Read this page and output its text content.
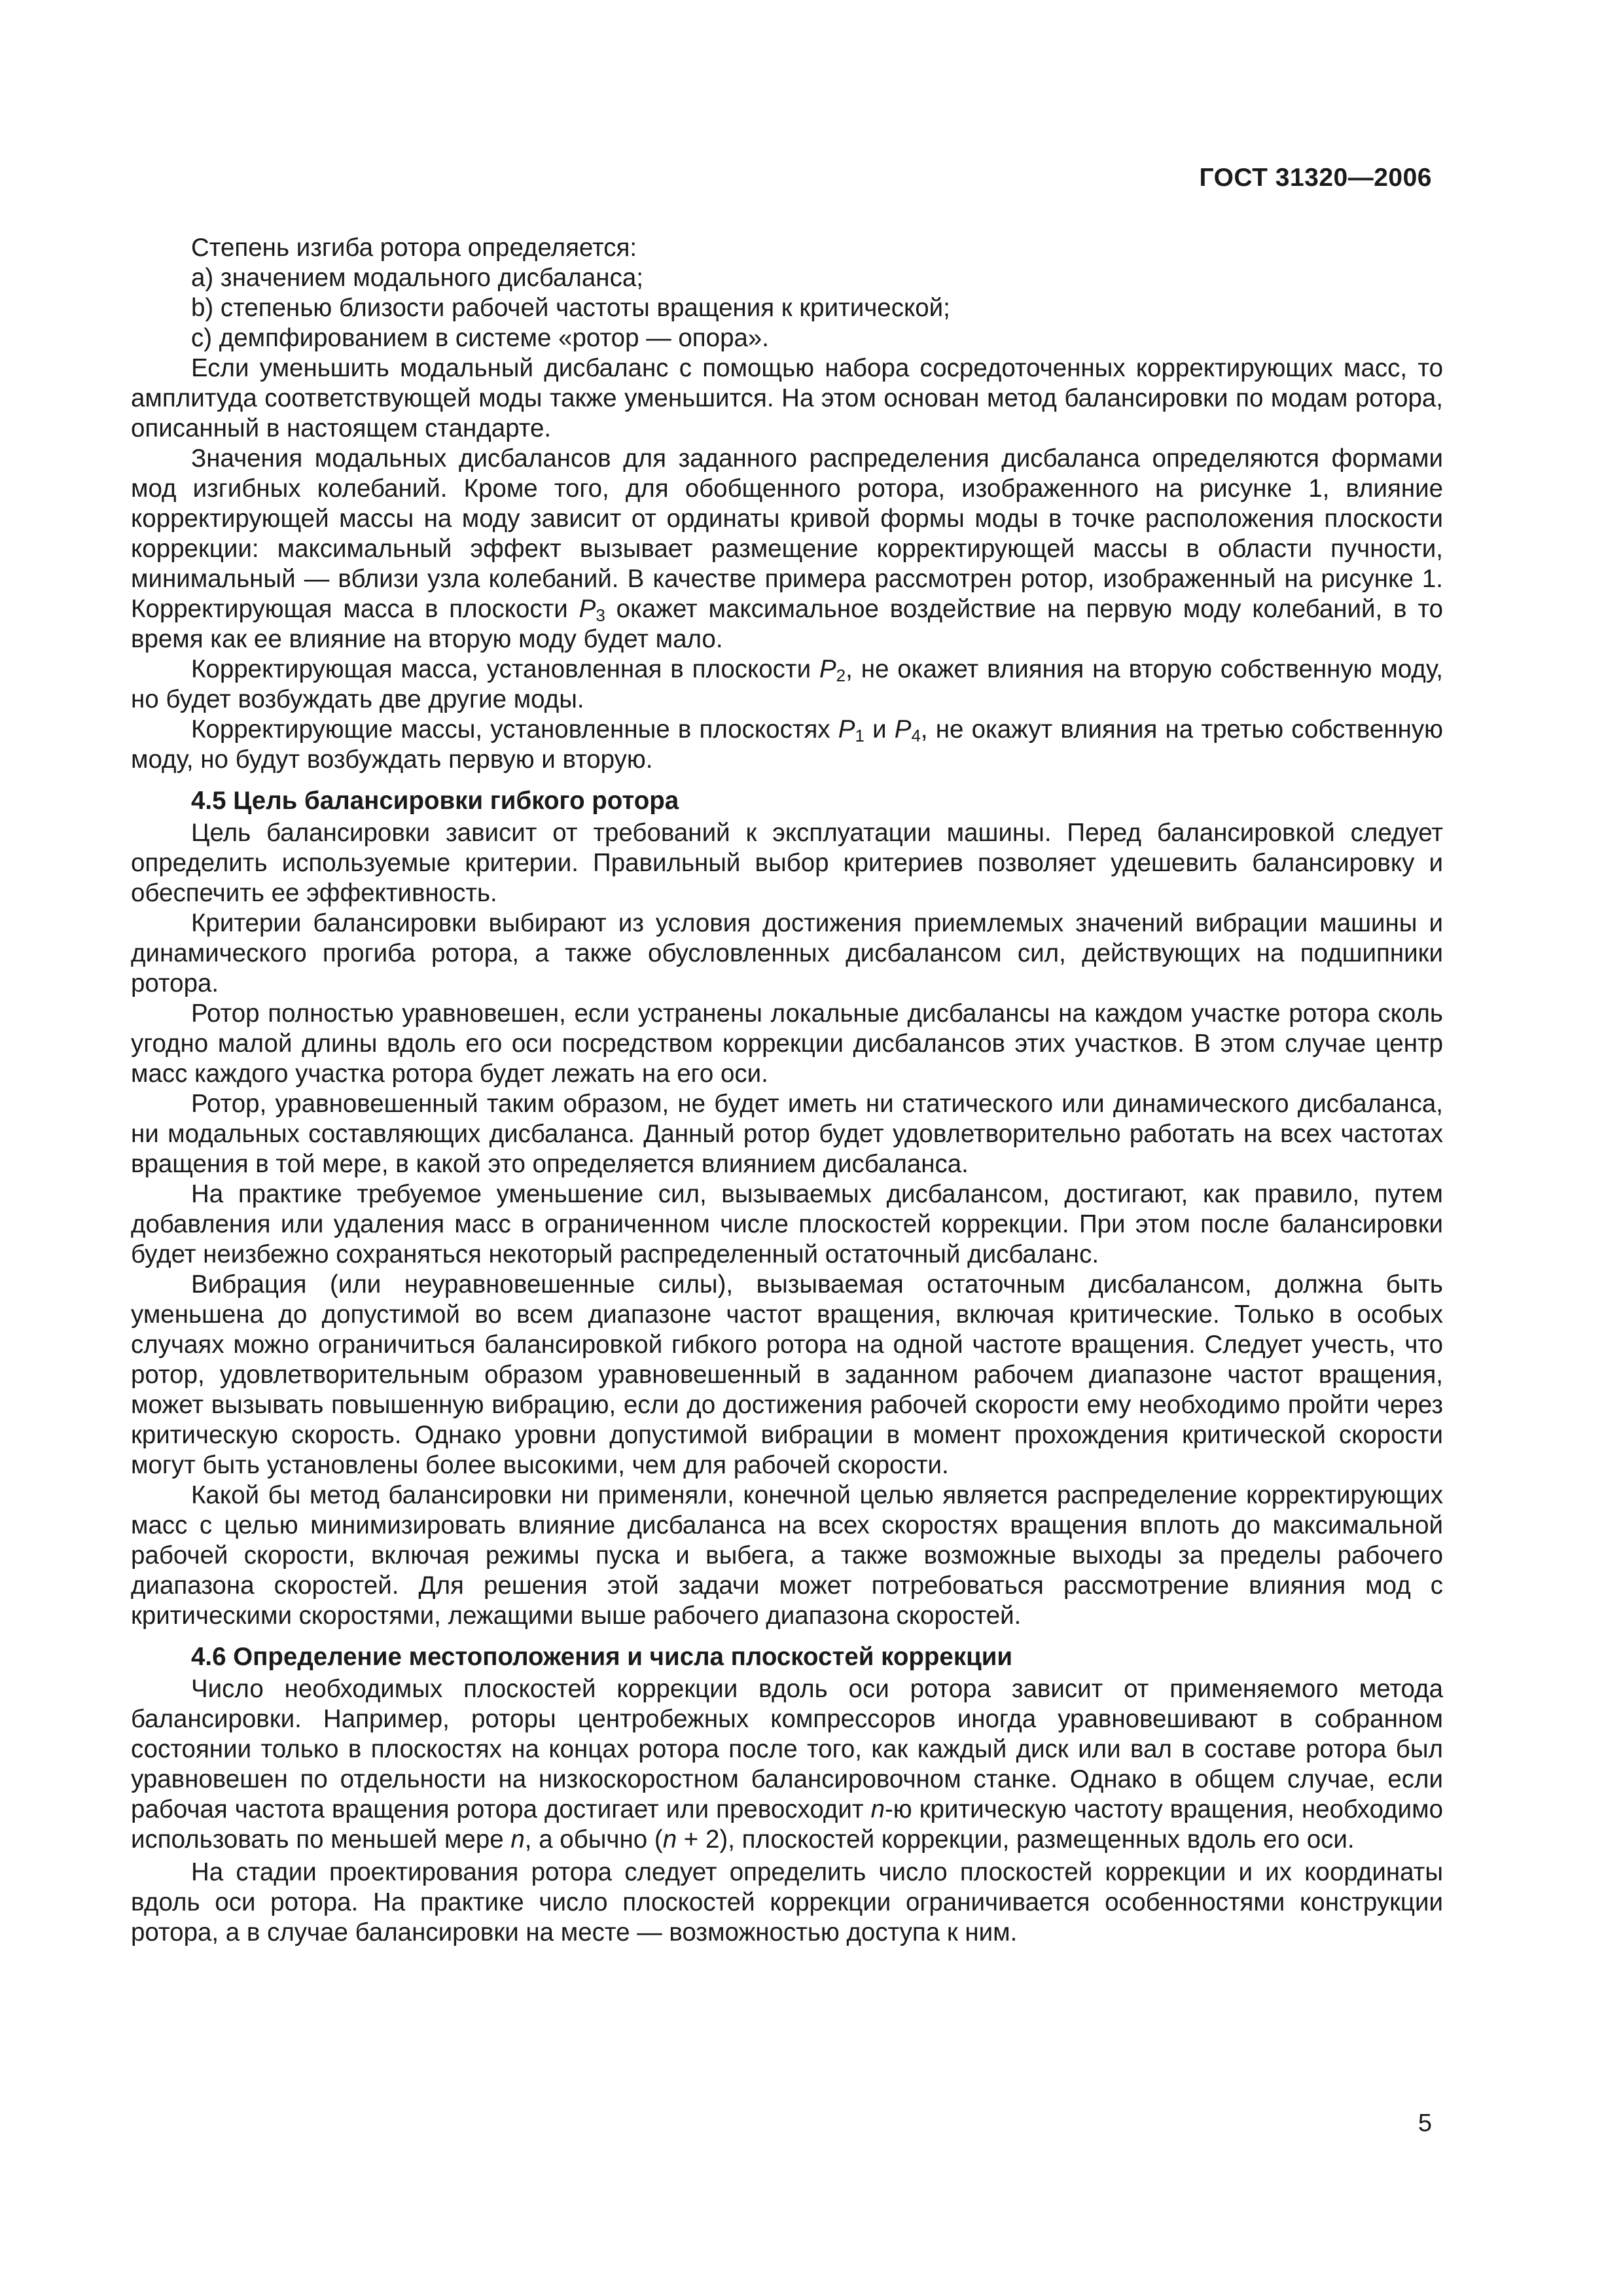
ГОСТ 31320—2006

Степень изгиба ротора определяется:

a) значением модального дисбаланса;

b) степенью близости рабочей частоты вращения к критической;

c) демпфированием в системе «ротор — опора».

Если уменьшить модальный дисбаланс с помощью набора сосредоточенных корректирующих масс, то амплитуда соответствующей моды также уменьшится. На этом основан метод балансировки по модам ротора, описанный в настоящем стандарте.

Значения модальных дисбалансов для заданного распределения дисбаланса определяются формами мод изгибных колебаний. Кроме того, для обобщенного ротора, изображенного на рисунке 1, влияние корректирующей массы на моду зависит от ординаты кривой формы моды в точке расположения плоскости коррекции: максимальный эффект вызывает размещение корректирующей массы в области пучности, минимальный — вблизи узла колебаний. В качестве примера рассмотрен ротор, изображенный на рисунке 1. Корректирующая масса в плоскости $P_3$ окажет максимальное воздействие на первую моду колебаний, в то время как ее влияние на вторую моду будет мало.

Корректирующая масса, установленная в плоскости $P_2$, не окажет влияния на вторую собственную моду, но будет возбуждать две другие моды.

Корректирующие массы, установленные в плоскостях $P_1$ и $P_4$, не окажут влияния на третью собственную моду, но будут возбуждать первую и вторую.

4.5 Цель балансировки гибкого ротора

Цель балансировки зависит от требований к эксплуатации машины. Перед балансировкой следует определить используемые критерии. Правильный выбор критериев позволяет удешевить балансировку и обеспечить ее эффективность.

Критерии балансировки выбирают из условия достижения приемлемых значений вибрации машины и динамического прогиба ротора, а также обусловленных дисбалансом сил, действующих на подшипники ротора.

Ротор полностью уравновешен, если устранены локальные дисбалансы на каждом участке ротора сколь угодно малой длины вдоль его оси посредством коррекции дисбалансов этих участков. В этом случае центр масс каждого участка ротора будет лежать на его оси.

Ротор, уравновешенный таким образом, не будет иметь ни статического или динамического дисбаланса, ни модальных составляющих дисбаланса. Данный ротор будет удовлетворительно работать на всех частотах вращения в той мере, в какой это определяется влиянием дисбаланса.

На практике требуемое уменьшение сил, вызываемых дисбалансом, достигают, как правило, путем добавления или удаления масс в ограниченном числе плоскостей коррекции. При этом после балансировки будет неизбежно сохраняться некоторый распределенный остаточный дисбаланс.

Вибрация (или неуравновешенные силы), вызываемая остаточным дисбалансом, должна быть уменьшена до допустимой во всем диапазоне частот вращения, включая критические. Только в особых случаях можно ограничиться балансировкой гибкого ротора на одной частоте вращения. Следует учесть, что ротор, удовлетворительным образом уравновешенный в заданном рабочем диапазоне частот вращения, может вызывать повышенную вибрацию, если до достижения рабочей скорости ему необходимо пройти через критическую скорость. Однако уровни допустимой вибрации в момент прохождения критической скорости могут быть установлены более высокими, чем для рабочей скорости.

Какой бы метод балансировки ни применяли, конечной целью является распределение корректирующих масс с целью минимизировать влияние дисбаланса на всех скоростях вращения вплоть до максимальной рабочей скорости, включая режимы пуска и выбега, а также возможные выходы за пределы рабочего диапазона скоростей. Для решения этой задачи может потребоваться рассмотрение влияния мод с критическими скоростями, лежащими выше рабочего диапазона скоростей.

4.6 Определение местоположения и числа плоскостей коррекции

Число необходимых плоскостей коррекции вдоль оси ротора зависит от применяемого метода балансировки. Например, роторы центробежных компрессоров иногда уравновешивают в собранном состоянии только в плоскостях на концах ротора после того, как каждый диск или вал в составе ротора был уравновешен по отдельности на низкоскоростном балансировочном станке. Однако в общем случае, если рабочая частота вращения ротора достигает или превосходит n-ю критическую частоту вращения, необходимо использовать по меньшей мере n, а обычно (n + 2), плоскостей коррекции, размещенных вдоль его оси.

На стадии проектирования ротора следует определить число плоскостей коррекции и их координаты вдоль оси ротора. На практике число плоскостей коррекции ограничивается особенностями конструкции ротора, а в случае балансировки на месте — возможностью доступа к ним.

5
